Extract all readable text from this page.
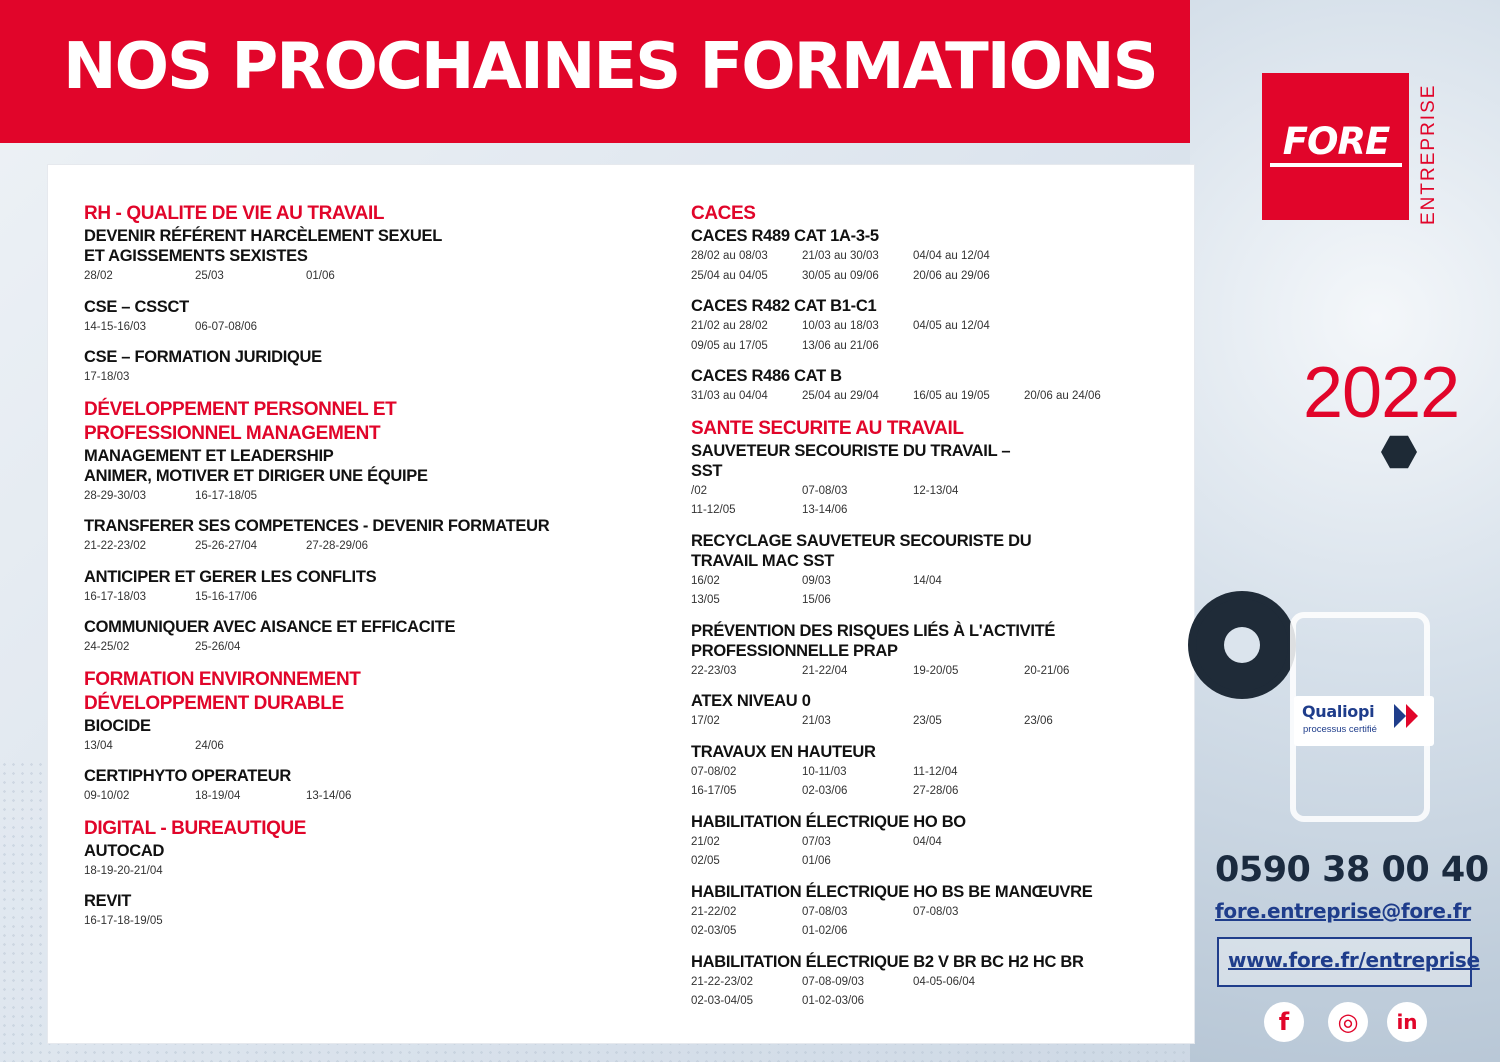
NOS PROCHAINES FORMATIONS
RH - QUALITE DE VIE AU TRAVAIL
DEVENIR RÉFÉRENT HARCÈLEMENT SEXUEL
ET AGISSEMENTS SEXISTES
28/02	25/03	01/06
CSE – CSSCT
14-15-16/03	06-07-08/06
CSE – FORMATION JURIDIQUE
17-18/03
DÉVELOPPEMENT PERSONNEL ET
PROFESSIONNEL MANAGEMENT
MANAGEMENT ET LEADERSHIP
ANIMER, MOTIVER ET DIRIGER UNE ÉQUIPE
28-29-30/03	16-17-18/05
TRANSFERER SES COMPETENCES - DEVENIR FORMATEUR
21-22-23/02	25-26-27/04	27-28-29/06
ANTICIPER ET GERER LES CONFLITS
16-17-18/03	15-16-17/06
COMMUNIQUER AVEC AISANCE ET EFFICACITE
24-25/02	25-26/04
FORMATION ENVIRONNEMENT
DÉVELOPPEMENT DURABLE
BIOCIDE
13/04	24/06
CERTIPHYTO OPERATEUR
09-10/02	18-19/04	13-14/06
DIGITAL - BUREAUTIQUE
AUTOCAD
18-19-20-21/04
REVIT
16-17-18-19/05
CACES
CACES R489 CAT 1A-3-5
28/02 au 08/03	21/03 au 30/03	04/04 au 12/04
25/04 au 04/05	30/05 au 09/06	20/06 au 29/06
CACES R482 CAT B1-C1
21/02 au 28/02	10/03 au 18/03	04/05 au 12/04
09/05 au 17/05	13/06 au 21/06
CACES R486 CAT B
31/03 au 04/04	25/04 au 29/04	16/05 au 19/05	20/06 au 24/06
SANTE SECURITE AU TRAVAIL
SAUVETEUR SECOURISTE DU TRAVAIL –
SST
/02	07-08/03	12-13/04
11-12/05	13-14/06
RECYCLAGE SAUVETEUR SECOURISTE DU
TRAVAIL MAC SST
16/02	09/03	14/04
13/05	15/06
PRÉVENTION DES RISQUES LIÉS À L'ACTIVITÉ
PROFESSIONNELLE PRAP
22-23/03	21-22/04	19-20/05	20-21/06
ATEX NIVEAU 0
17/02	21/03	23/05	23/06
TRAVAUX EN HAUTEUR
07-08/02	10-11/03	11-12/04
16-17/05	02-03/06	27-28/06
HABILITATION ÉLECTRIQUE HO BO
21/02	07/03	04/04
02/05	01/06
HABILITATION ÉLECTRIQUE HO BS BE MANŒUVRE
21-22/02	07-08/03	07-08/03
02-03/05	01-02/06
HABILITATION ÉLECTRIQUE B2 V BR BC H2 HC BR
21-22-23/02	07-08-09/03	04-05-06/04
02-03-04/05	01-02-03/06
FORE	ENTREPRISE
2022
Qualiopi
processus certifié
0590 38 00 40
fore.entreprise@fore.fr
www.fore.fr/entreprise
f	◎	in
